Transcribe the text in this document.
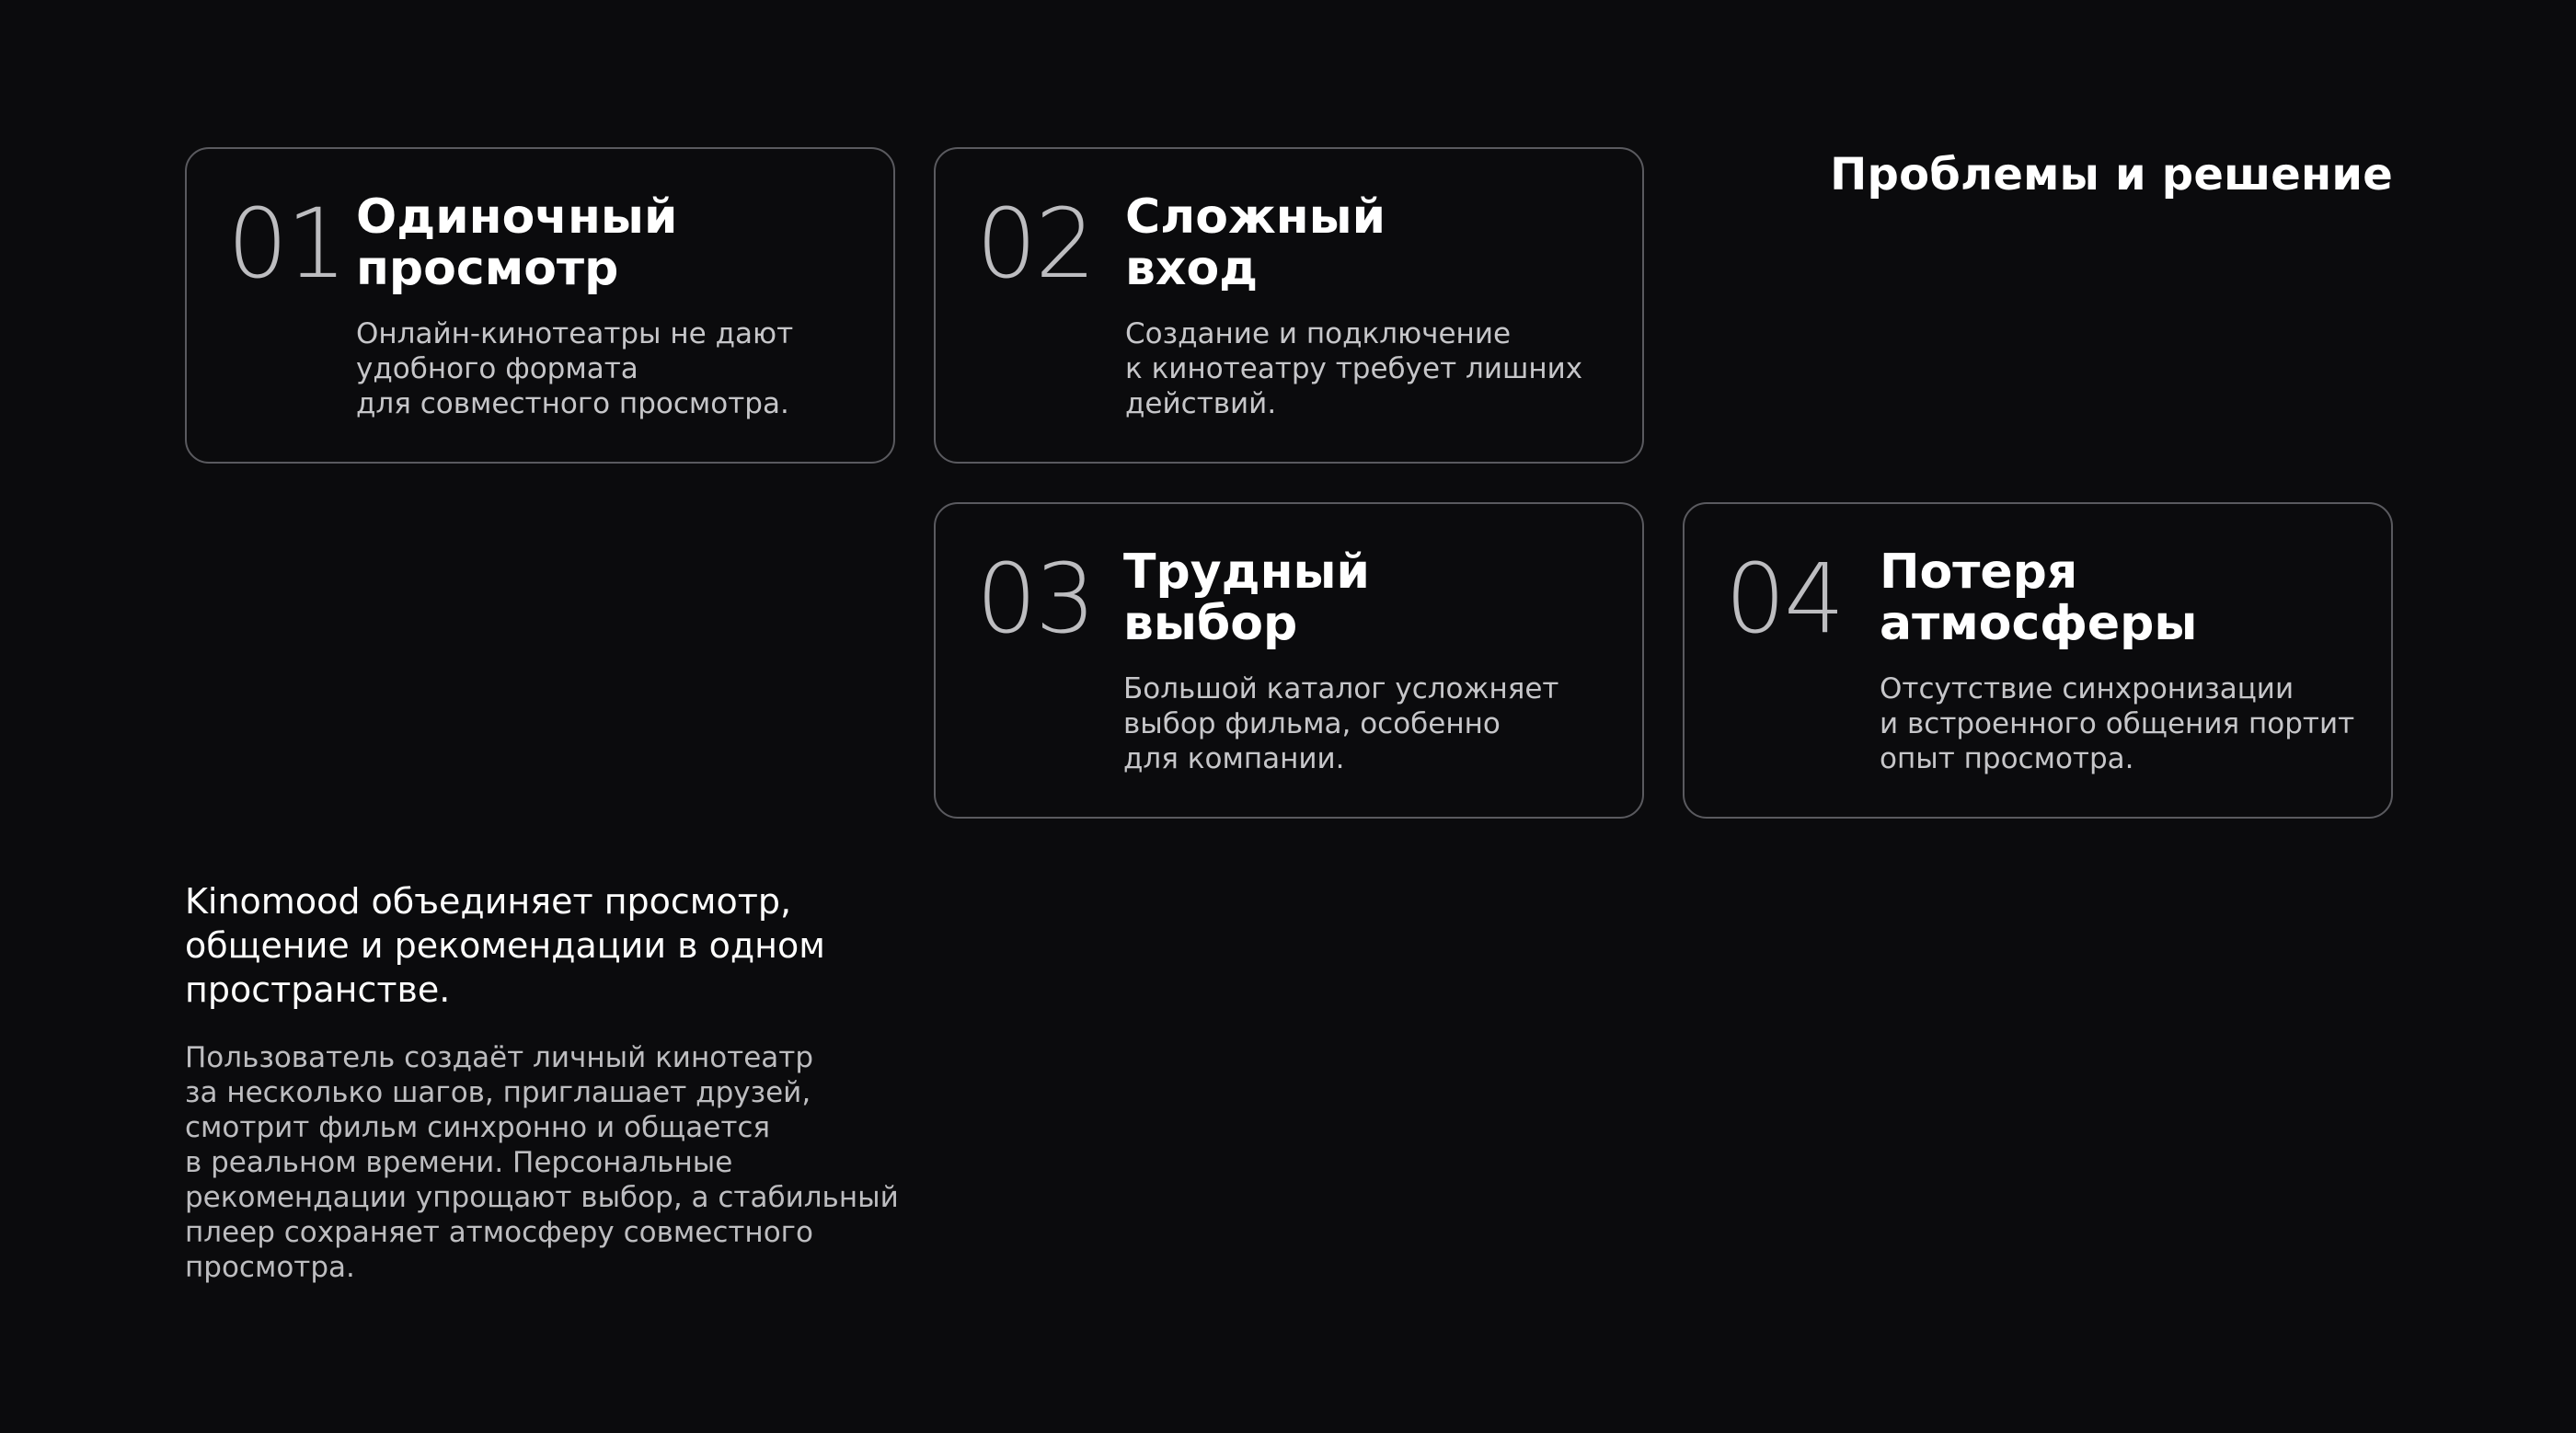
Проблемы и решение

01 Одиночный
просмотр

Онлайн-кинотеатры не дают
удобного формата
для совместного просмотра.

02 Сложный
вход

Создание и подключение
к кинотеатру требует лишних
действий.

03 Трудный
выбор

Большой каталог усложняет
выбор фильма, особенно
для компании.

04 Потеря
атмосферы

Отсутствие синхронизации
и встроенного общения портит
опыт просмотра.

Kinomood объединяет просмотр,
общение и рекомендации в одном
пространстве.

Пользователь создаёт личный кинотеатр
за несколько шагов, приглашает друзей,
смотрит фильм синхронно и общается
в реальном времени. Персональные
рекомендации упрощают выбор, а стабильный
плеер сохраняет атмосферу совместного
просмотра.
